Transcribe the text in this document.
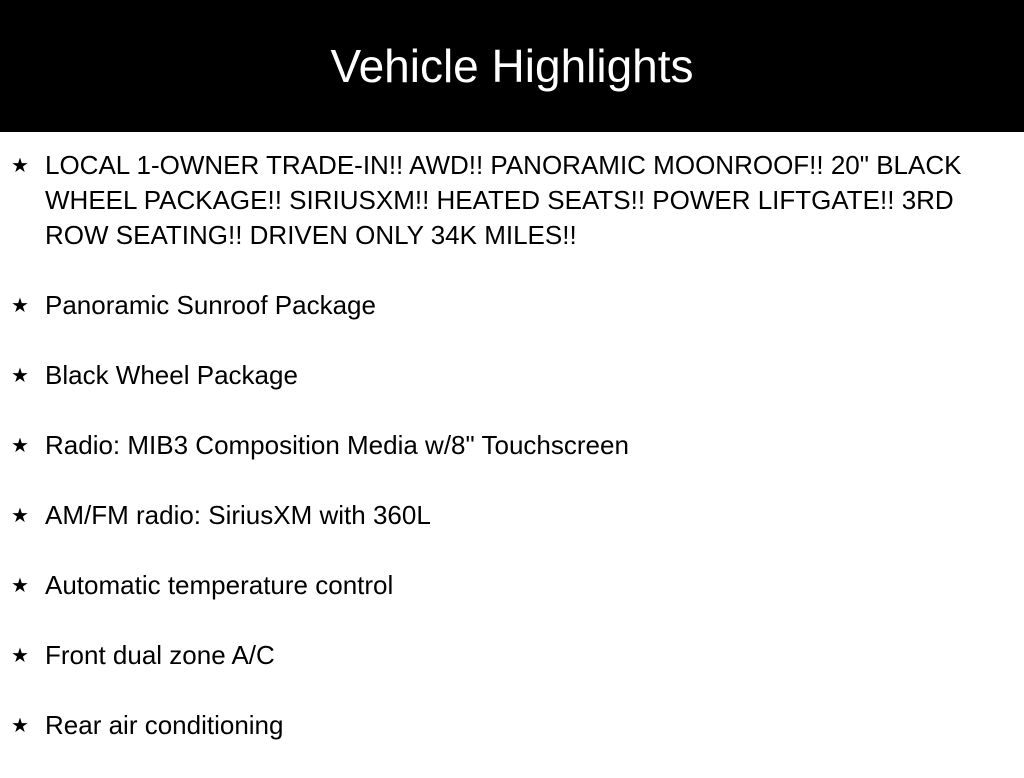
Vehicle Highlights
★ LOCAL 1-OWNER TRADE-IN!! AWD!! PANORAMIC MOONROOF!! 20" BLACK WHEEL PACKAGE!! SIRIUSXM!! HEATED SEATS!! POWER LIFTGATE!! 3RD ROW SEATING!! DRIVEN ONLY 34K MILES!!
★ Panoramic Sunroof Package
★ Black Wheel Package
★ Radio: MIB3 Composition Media w/8" Touchscreen
★ AM/FM radio: SiriusXM with 360L
★ Automatic temperature control
★ Front dual zone A/C
★ Rear air conditioning
